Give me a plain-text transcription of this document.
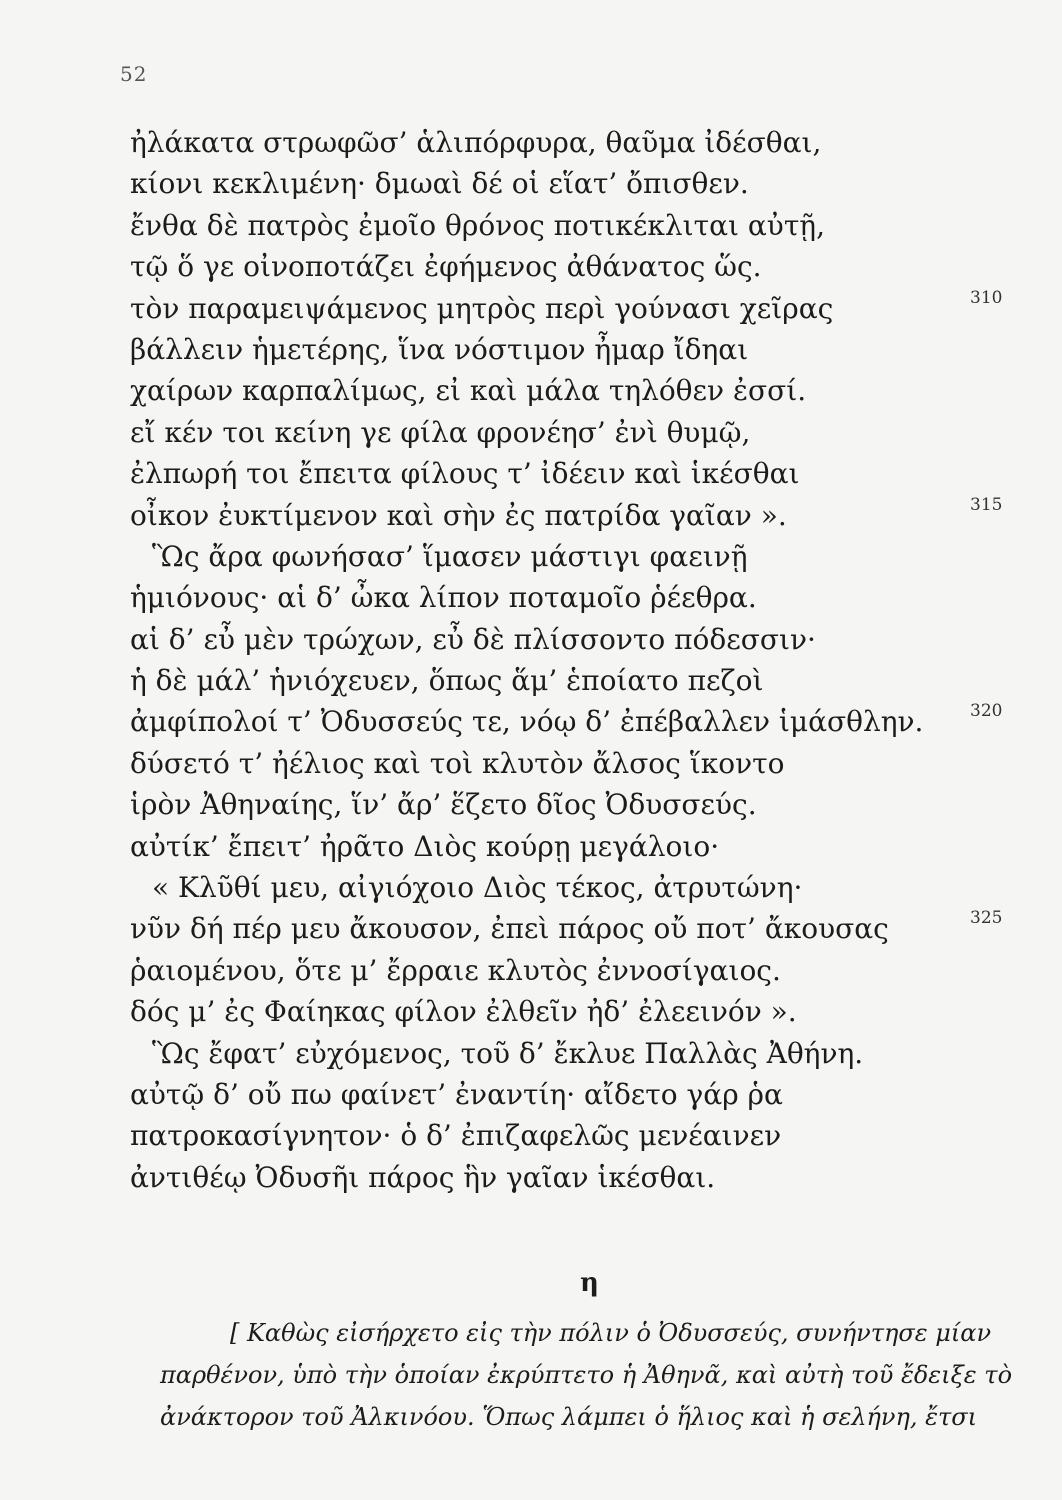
52
ἠλάκατα στρωφῶσ’ ἁλιπόρφυρα, θαῦμα ἰδέσθαι,
κίονι κεκλιμένη· δμωαὶ δέ οἱ εἵατ’ ὄπισθεν.
ἔνθα δὲ πατρὸς ἐμοῖο θρόνος ποτικέκλιται αὐτῇ,
τῷ ὅ γε οἰνοποτάζει ἐφήμενος ἀθάνατος ὥς.
τὸν παραμειψάμενος μητρὸς περὶ γούνασι χεῖρας	310
βάλλειν ἡμετέρης, ἵνα νόστιμον ἦμαρ ἴδηαι
χαίρων καρπαλίμως, εἰ καὶ μάλα τηλόθεν ἐσσί.
εἴ κέν τοι κείνη γε φίλα φρονέησ’ ἐνὶ θυμῷ,
ἐλπωρή τοι ἔπειτα φίλους τ’ ἰδέειν καὶ ἱκέσθαι
οἶκον ἐυκτίμενον καὶ σὴν ἐς πατρίδα γαῖαν ».	315
Ὣς ἄρα φωνήσασ’ ἵμασεν μάστιγι φαεινῇ
ἡμιόνους· αἱ δ’ ὦκα λίπον ποταμοῖο ῥέεθρα.
αἱ δ’ εὖ μὲν τρώχων, εὖ δὲ πλίσσοντο πόδεσσιν·
ἡ δὲ μάλ’ ἡνιόχευεν, ὅπως ἅμ’ ἑποίατο πεζοὶ
ἀμφίπολοί τ’ Ὀδυσσεύς τε, νόῳ δ’ ἐπέβαλλεν ἱμάσθλην.	320
δύσετό τ’ ἠέλιος καὶ τοὶ κλυτὸν ἄλσος ἵκοντο
ἱρὸν Ἀθηναίης, ἵν’ ἄρ’ ἕζετο δῖος Ὀδυσσεύς.
αὐτίκ’ ἔπειτ’ ἠρᾶτο Διὸς κούρῃ μεγάλοιο·
« Κλῦθί μευ, αἰγιόχοιο Διὸς τέκος, ἀτρυτώνη·
νῦν δή πέρ μευ ἄκουσον, ἐπεὶ πάρος οὔ ποτ’ ἄκουσας	325
ῥαιομένου, ὅτε μ’ ἔρραιε κλυτὸς ἐννοσίγαιος.
δός μ’ ἐς Φαίηκας φίλον ἐλθεῖν ἠδ’ ἐλεεινόν ».
Ὣς ἔφατ’ εὐχόμενος, τοῦ δ’ ἔκλυε Παλλὰς Ἀθήνη.
αὐτῷ δ’ οὔ πω φαίνετ’ ἐναντίη· αἴδετο γάρ ῥα
πατροκασίγνητον· ὁ δ’ ἐπιζαφελῶς μενέαινεν
ἀντιθέῳ Ὀδυσῆι πάρος ἣν γαῖαν ἱκέσθαι.
η
[ Καθὼς εἰσήρχετο εἰς τὴν πόλιν ὁ Ὀδυσσεύς, συνήντησε μίαν
παρθένον, ὑπὸ τὴν ὁποίαν ἐκρύπτετο ἡ Ἀθηνᾶ, καὶ αὐτὴ τοῦ ἔδειξε τὸ
ἀνάκτορον τοῦ Ἀλκινόου. Ὅπως λάμπει ὁ ἥλιος καὶ ἡ σελήνη, ἔτσι
